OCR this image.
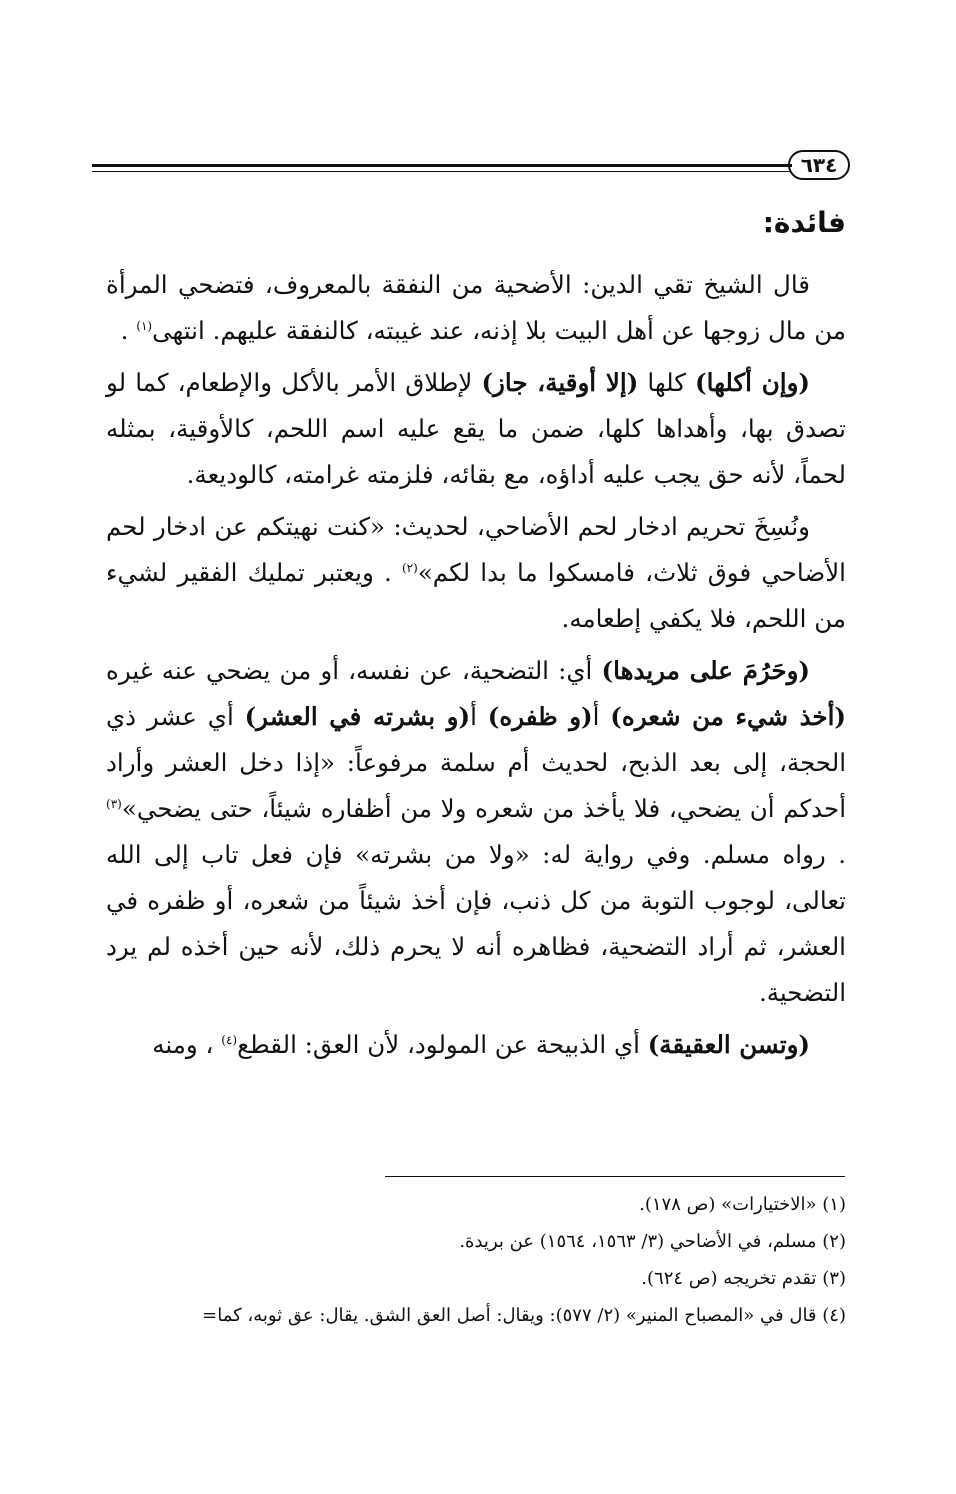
٦٣٤
فائدة:

قال الشيخ تقي الدين: الأضحية من النفقة بالمعروف، فتضحي المرأة من مال زوجها عن أهل البيت بلا إذنه، عند غيبته، كالنفقة عليهم. انتهى$^{(١)}$ .

(وإن أكلها) كلها (إلا أوقية، جاز) لإطلاق الأمر بالأكل والإطعام، كما لو تصدق بها، وأهداها كلها، ضمن ما يقع عليه اسم اللحم، كالأوقية، بمثله لحماً، لأنه حق يجب عليه أداؤه، مع بقائه، فلزمته غرامته، كالوديعة.

ونُسِخَ تحريم ادخار لحم الأضاحي، لحديث: «كنت نهيتكم عن ادخار لحم الأضاحي فوق ثلاث، فامسكوا ما بدا لكم»$^{(٢)}$ . ويعتبر تمليك الفقير لشيء من اللحم، فلا يكفي إطعامه.

(وحَرُمَ على مريدها) أي: التضحية، عن نفسه، أو من يضحي عنه غيره (أخذ شيء من شعره) أ(و ظفره) أ(و بشرته في العشر) أي عشر ذي الحجة، إلى بعد الذبح، لحديث أم سلمة مرفوعاً: «إذا دخل العشر وأراد أحدكم أن يضحي، فلا يأخذ من شعره ولا من أظفاره شيئاً، حتى يضحي»$^{(٣)}$ . رواه مسلم. وفي رواية له: «ولا من بشرته» فإن فعل تاب إلى الله تعالى، لوجوب التوبة من كل ذنب، فإن أخذ شيئاً من شعره، أو ظفره في العشر، ثم أراد التضحية، فظاهره أنه لا يحرم ذلك، لأنه حين أخذه لم يرد التضحية.

(وتسن العقيقة) أي الذبيحة عن المولود، لأن العق: القطع$^{(٤)}$ ، ومنه

(١) «الاختيارات» (ص ١٧٨).
(٢) مسلم، في الأضاحي (٣/ ١٥٦٣، ١٥٦٤) عن بريدة.
(٣) تقدم تخريجه (ص ٦٢٤).
(٤) قال في «المصباح المنير» (٢/ ٥٧٧): ويقال: أصل العق الشق. يقال: عق ثوبه، كما=
